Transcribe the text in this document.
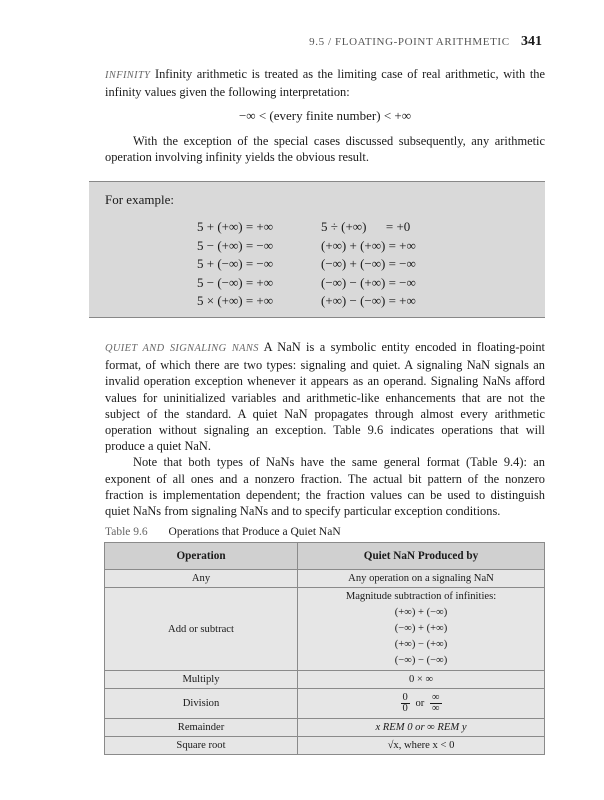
9.5 / FLOATING-POINT ARITHMETIC 341
INFINITY Infinity arithmetic is treated as the limiting case of real arithmetic, with the infinity values given the following interpretation:
−∞ < (every finite number) < +∞
With the exception of the special cases discussed subsequently, any arithmetic operation involving infinity yields the obvious result.
For example:
5 + (+∞) = +∞	5 ÷ (+∞)      = +0
5 − (+∞) = −∞	(+∞) + (+∞) = +∞
5 + (−∞) = −∞	(−∞) + (−∞) = −∞
5 − (−∞) = +∞	(−∞) − (+∞) = −∞
5 × (+∞) = +∞	(+∞) − (−∞) = +∞
QUIET AND SIGNALING NANS A NaN is a symbolic entity encoded in floating-point format, of which there are two types: signaling and quiet. A signaling NaN signals an invalid operation exception whenever it appears as an operand. Signaling NaNs afford values for uninitialized variables and arithmetic-like enhancements that are not the subject of the standard. A quiet NaN propagates through almost every arithmetic operation without signaling an exception. Table 9.6 indicates operations that will produce a quiet NaN.
Note that both types of NaNs have the same general format (Table 9.4): an exponent of all ones and a nonzero fraction. The actual bit pattern of the nonzero fraction is implementation dependent; the fraction values can be used to distinguish quiet NaNs from signaling NaNs and to specify particular exception conditions.
Table 9.6 Operations that Produce a Quiet NaN
Operation	Quiet NaN Produced by
Any	Any operation on a signaling NaN
Add or subtract	Magnitude subtraction of infinities:
(+∞) + (−∞)
(−∞) + (+∞)
(+∞) − (+∞)
(−∞) − (−∞)

Multiply	0 × ∞
Division	$\frac{0}{0}$ or $\frac{\infty}{\infty}$

Remainder	x REM 0 or ∞ REM y
Square root	√x, where x < 0
